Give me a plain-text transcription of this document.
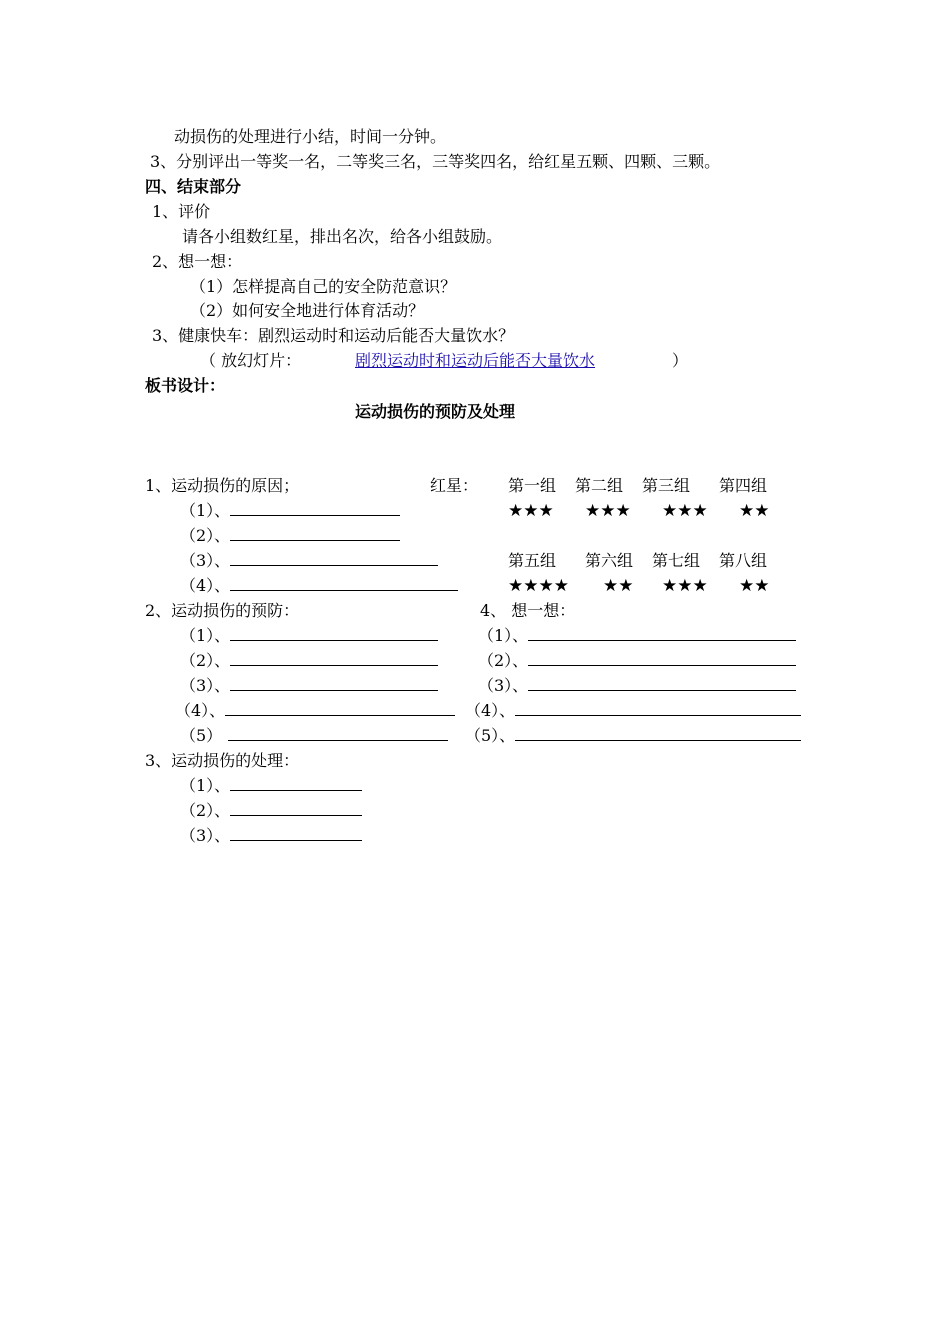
动损伤的处理进行小结，时间一分钟。
3、分别评出一等奖一名，二等奖三名，三等奖四名，给红星五颗、四颗、三颗。
四、结束部分
1、评价
请各小组数红星，排出名次，给各小组鼓励。
2、想一想：
（1）怎样提高自己的安全防范意识？
（2）如何安全地进行体育活动？
3、健康快车：剧烈运动时和运动后能否大量饮水？
（ 放幻灯片：	剧烈运动时和运动后能否大量饮水	）
板书设计：
运动损伤的预防及处理
1、运动损伤的原因；	红星： 第一组 第二组 第三组 第四组
（1）、	★★★ ★★★ ★★★ ★★
（2）、
（3）、	第五组 第六组 第七组 第八组
（4）、	★★★★ ★★ ★★★ ★★
2、运动损伤的预防：	4、 想一想：
（1）、	（1）、
（2）、	（2）、
（3）、	（3）、
（4）、	（4）、
（5）	（5）、
3、运动损伤的处理：
（1）、
（2）、
（3）、
